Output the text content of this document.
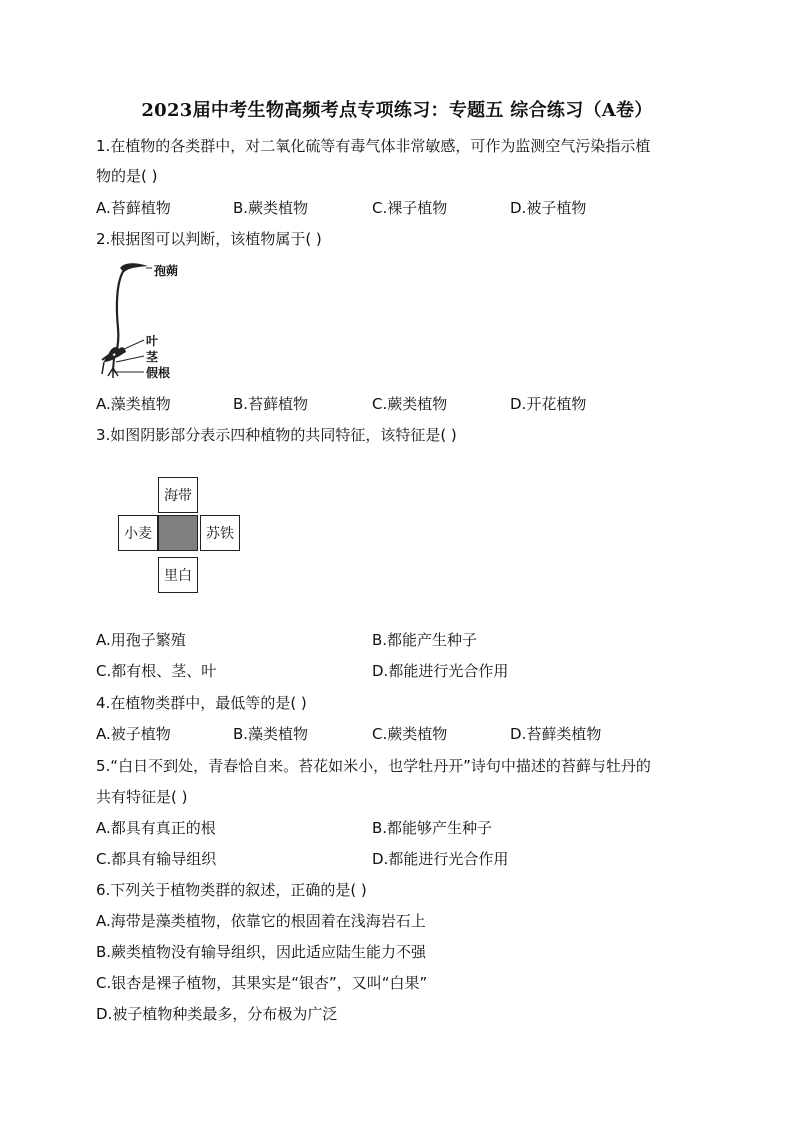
2023届中考生物高频考点专项练习：专题五 综合练习（A卷）
1.在植物的各类群中，对二氧化硫等有毒气体非常敏感，可作为监测空气污染指示植
物的是( )
A.苔藓植物	B.蕨类植物	C.裸子植物	D.被子植物
2.根据图可以判断，该植物属于( )
孢蒴
叶
茎
假根
A.藻类植物	B.苔藓植物	C.蕨类植物	D.开花植物
3.如图阴影部分表示四种植物的共同特征，该特征是( )
海带
小麦	苏铁
里白
A.用孢子繁殖	B.都能产生种子
C.都有根、茎、叶	D.都能进行光合作用
4.在植物类群中，最低等的是( )
A.被子植物	B.藻类植物	C.蕨类植物	D.苔藓类植物
5.“白日不到处，青春恰自来。苔花如米小，也学牡丹开”诗句中描述的苔藓与牡丹的
共有特征是( )
A.都具有真正的根	B.都能够产生种子
C.都具有输导组织	D.都能进行光合作用
6.下列关于植物类群的叙述，正确的是( )
A.海带是藻类植物，依靠它的根固着在浅海岩石上
B.蕨类植物没有输导组织，因此适应陆生能力不强
C.银杏是裸子植物，其果实是“银杏”，又叫“白果”
D.被子植物种类最多，分布极为广泛
